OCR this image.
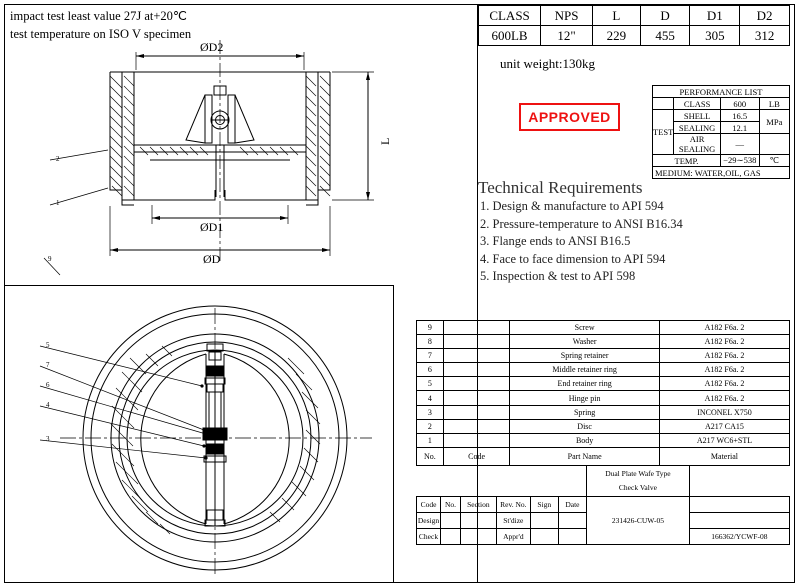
impact test least value 27J at+20℃
test temperature on ISO V specimen
CLASS	NPS	L	D	D1	D2
600LB	12"	229	455	305	312
unit weight:130kg
APPROVED
PERFORMANCE LIST			
	CLASS	600	LB
TEST	SHELL	16.5	MPa
	SEALING	12.1	
	AIR SEALING	—	
TEMP.		−29∼538	℃
MEDIUM: WATER,OIL, GAS			
Technical Requirements
1. Design & manufacture to API 594
2. Pressure-temperature to ANSI B16.34
3. Flange ends to ANSI B16.5
4. Face to face dimension to API 594
5. Inspection & test to API 598
9		Screw	A182 F6a. 2
8		Washer	A182 F6a. 2
7		Spring retainer	A182 F6a. 2
6		Middle retainer ring	A182 F6a. 2
5		End retainer ring	A182 F6a. 2
4		Hinge pin	A182 F6a. 2
3		Spring	INCONEL X750
2		Disc	A217 CA15
1		Body	A217 WC6+STL
No.	Code	Part Name	Material

						Dual Plate Wafe Type
Check Valve	

Code	No.	Section	Rev. No.	Sign	Date	231426-CUW-05	
Design			St'dize				
Check			Appr'd				166362/YCWF-08
ØD2
ØD1
ØD
L
2
1
9
5
7
6
4
3
